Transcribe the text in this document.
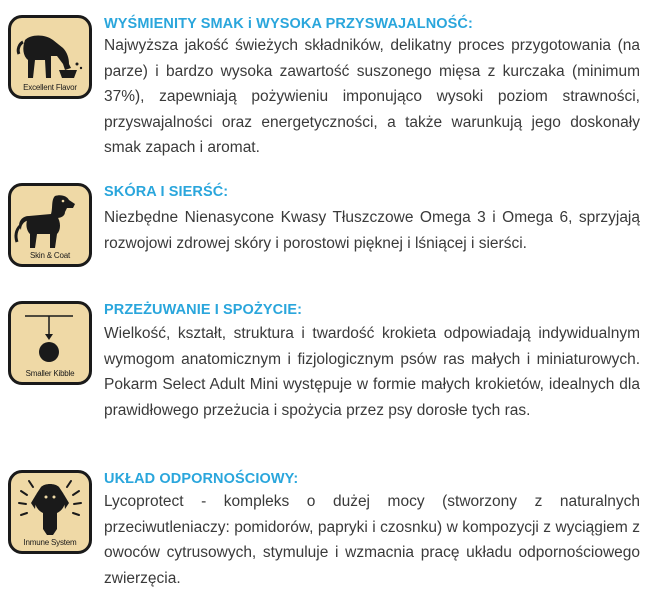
Excellent Flavor
WYŚMIENITY SMAK i WYSOKA PRZYSWAJALNOŚĆ:

Najwyższa jakość świeżych składników, delikatny proces przygotowania (na parze) i bardzo wysoka zawartość suszonego mięsa z kurczaka (minimum 37%), zapewniają pożywieniu imponująco wysoki poziom strawności, przyswajalności oraz energetyczności, a także warunkują jego doskonały smak zapach i aromat.

Skin & Coat
SKÓRA I SIERŚĆ:

Niezbędne Nienasycone Kwasy Tłuszczowe Omega 3 i Omega 6, sprzyjają rozwojowi zdrowej skóry i porostowi pięknej i lśniącej i sierści.

Smaller Kibble
PRZEŻUWANIE I SPOŻYCIE:

Wielkość, kształt, struktura i twardość krokieta odpowiadają indywidualnym wymogom anatomicznym i fizjologicznym psów ras małych i miniaturowych. Pokarm Select Adult Mini występuje w formie małych krokietów, idealnych dla prawidłowego przeżucia i spożycia przez psy dorosłe tych ras.

Inmune System
UKŁAD ODPORNOŚCIOWY:

Lycoprotect - kompleks o dużej mocy (stworzony z naturalnych przeciwutleniaczy: pomidorów, papryki i czosnku) w kompozycji z wyciągiem z owoców cytrusowych, stymuluje i wzmacnia pracę układu odpornościowego zwierzęcia.
